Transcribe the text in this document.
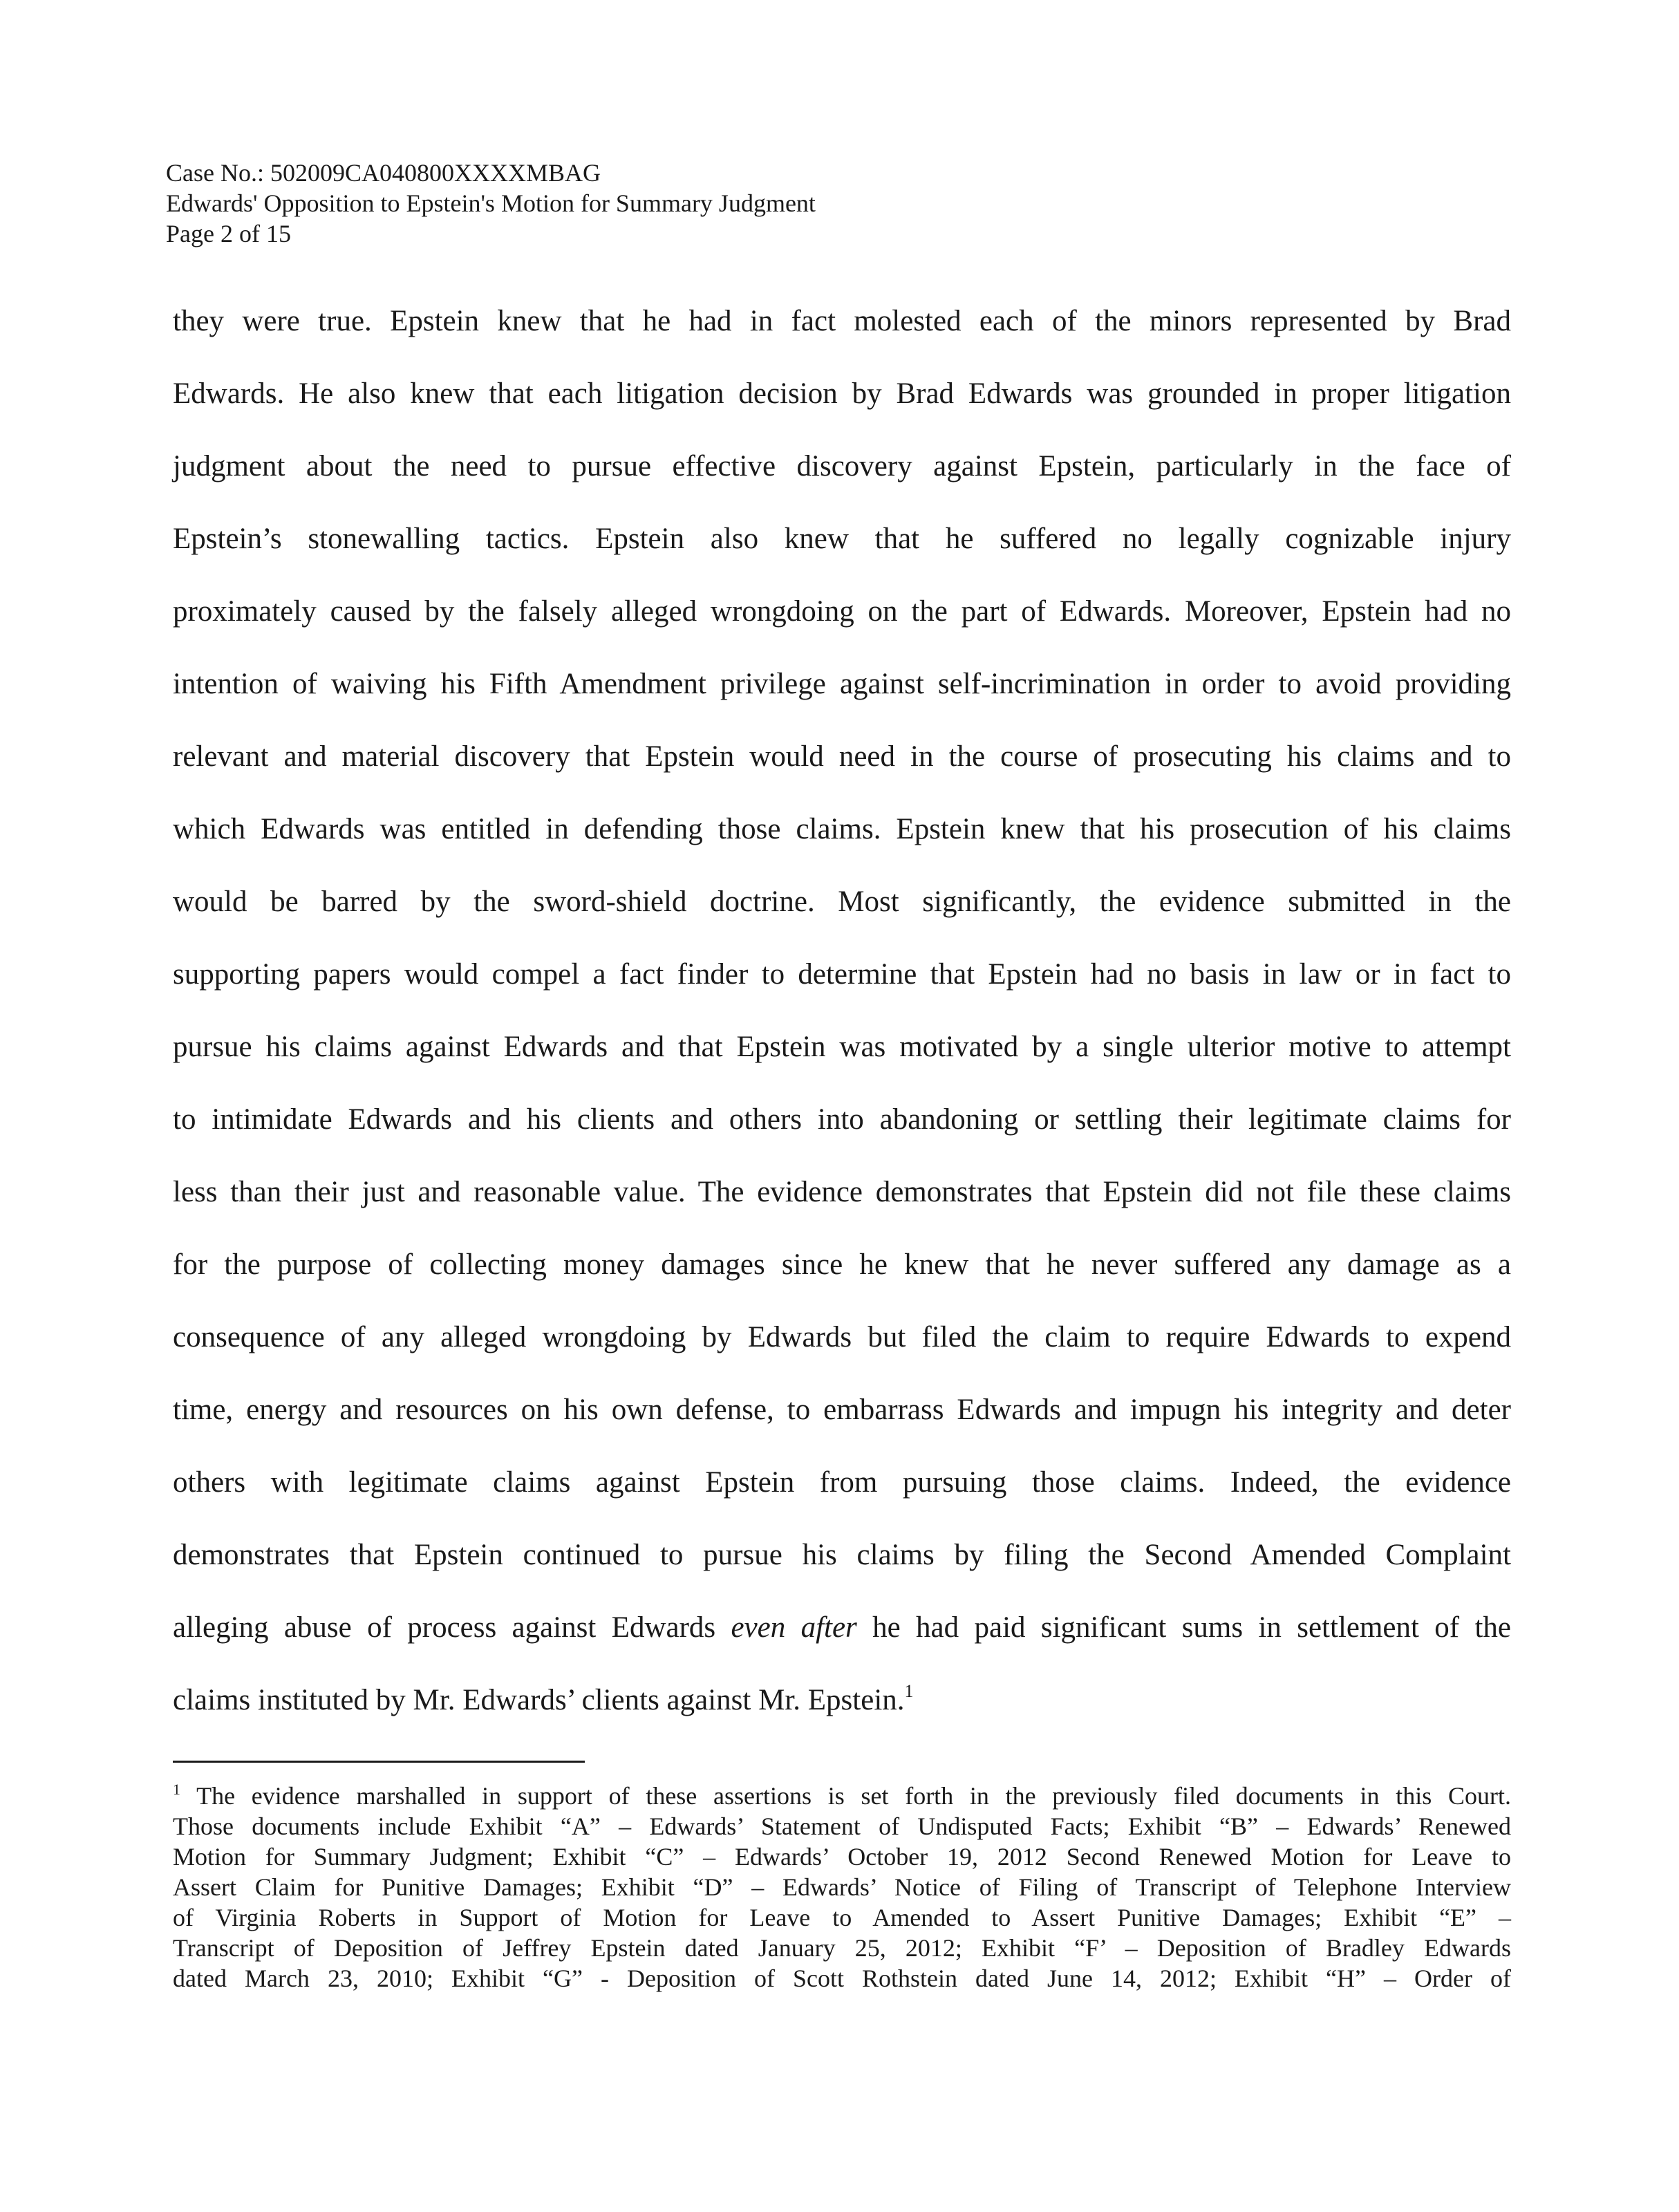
Case No.: 502009CA040800XXXXMBAG
Edwards' Opposition to Epstein's Motion for Summary Judgment
Page 2 of 15
they were true. Epstein knew that he had in fact molested each of the minors represented by Brad
Edwards. He also knew that each litigation decision by Brad Edwards was grounded in proper litigation
judgment about the need to pursue effective discovery against Epstein, particularly in the face of
Epstein’s stonewalling tactics. Epstein also knew that he suffered no legally cognizable injury
proximately caused by the falsely alleged wrongdoing on the part of Edwards. Moreover, Epstein had no
intention of waiving his Fifth Amendment privilege against self-incrimination in order to avoid providing
relevant and material discovery that Epstein would need in the course of prosecuting his claims and to
which Edwards was entitled in defending those claims. Epstein knew that his prosecution of his claims
would be barred by the sword-shield doctrine. Most significantly, the evidence submitted in the
supporting papers would compel a fact finder to determine that Epstein had no basis in law or in fact to
pursue his claims against Edwards and that Epstein was motivated by a single ulterior motive to attempt
to intimidate Edwards and his clients and others into abandoning or settling their legitimate claims for
less than their just and reasonable value. The evidence demonstrates that Epstein did not file these claims
for the purpose of collecting money damages since he knew that he never suffered any damage as a
consequence of any alleged wrongdoing by Edwards but filed the claim to require Edwards to expend
time, energy and resources on his own defense, to embarrass Edwards and impugn his integrity and deter
others with legitimate claims against Epstein from pursuing those claims. Indeed, the evidence
demonstrates that Epstein continued to pursue his claims by filing the Second Amended Complaint
alleging abuse of process against Edwards even after he had paid significant sums in settlement of the
claims instituted by Mr. Edwards’ clients against Mr. Epstein.$^1$
$^1$ The evidence marshalled in support of these assertions is set forth in the previously filed documents in this Court.
Those documents include Exhibit “A” – Edwards’ Statement of Undisputed Facts; Exhibit “B” – Edwards’ Renewed
Motion for Summary Judgment; Exhibit “C” – Edwards’ October 19, 2012 Second Renewed Motion for Leave to
Assert Claim for Punitive Damages; Exhibit “D” – Edwards’ Notice of Filing of Transcript of Telephone Interview
of Virginia Roberts in Support of Motion for Leave to Amended to Assert Punitive Damages; Exhibit “E” –
Transcript of Deposition of Jeffrey Epstein dated January 25, 2012; Exhibit “F’ – Deposition of Bradley Edwards
dated March 23, 2010; Exhibit “G” - Deposition of Scott Rothstein dated June 14, 2012; Exhibit “H” – Order of
